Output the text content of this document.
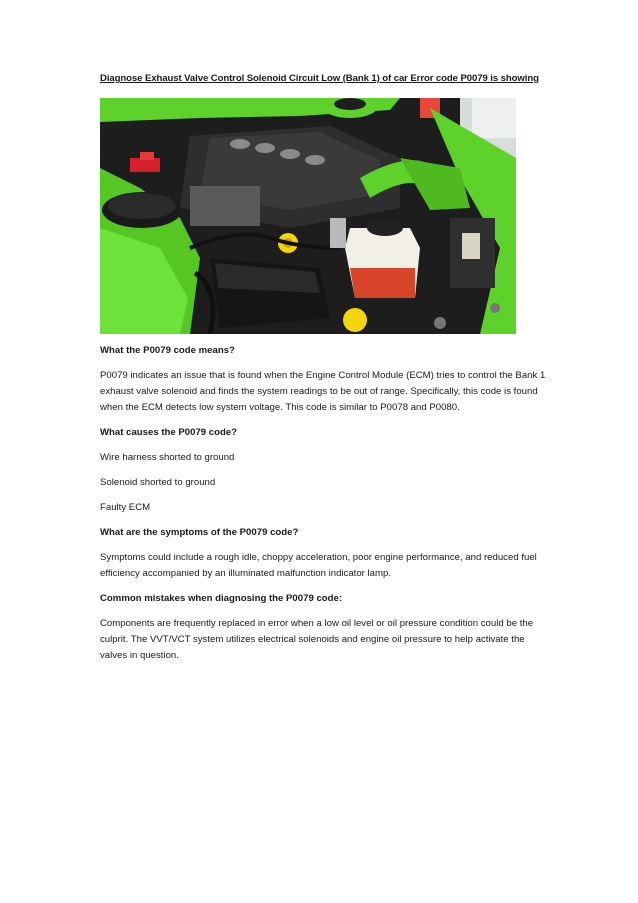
Diagnose Exhaust Valve Control Solenoid Circuit Low (Bank 1) of car Error code P0079 is showing
What the P0079 code means?

P0079 indicates an issue that is found when the Engine Control Module (ECM) tries to control the Bank 1 exhaust valve solenoid and finds the system readings to be out of range. Specifically, this code is found when the ECM detects low system voltage. This code is similar to P0078 and P0080.

What causes the P0079 code?

Wire harness shorted to ground

Solenoid shorted to ground

Faulty ECM

What are the symptoms of the P0079 code?

Symptoms could include a rough idle, choppy acceleration, poor engine performance, and reduced fuel efficiency accompanied by an illuminated malfunction indicator lamp.

Common mistakes when diagnosing the P0079 code:

Components are frequently replaced in error when a low oil level or oil pressure condition could be the culprit. The VVT/VCT system utilizes electrical solenoids and engine oil pressure to help activate the valves in question.
